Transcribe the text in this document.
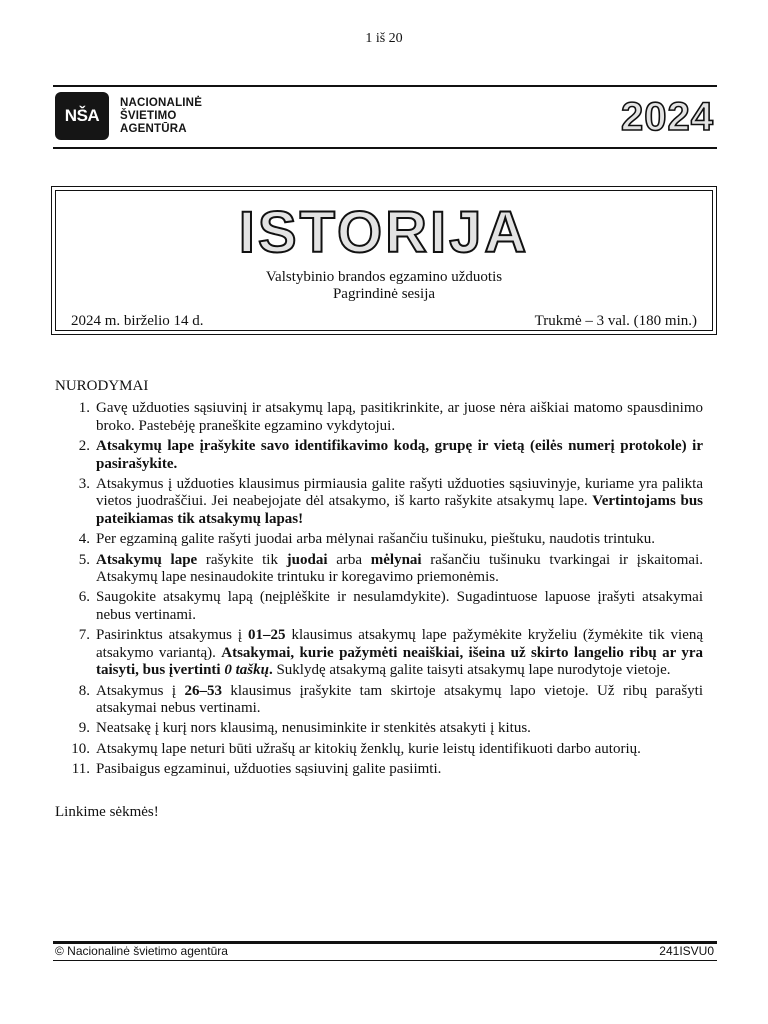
1 iš 20
NŠA
NACIONALINĖ
ŠVIETIMO
AGENTŪRA	2024
ISTORIJA
Valstybinio brandos egzamino užduotis
Pagrindinė sesija
2024 m. birželio 14 d.	Trukmė – 3 val. (180 min.)
NURODYMAI
1. Gavę užduoties sąsiuvinį ir atsakymų lapą, pasitikrinkite, ar juose nėra aiškiai matomo spausdinimo broko. Pastebėję praneškite egzamino vykdytojui.
2. Atsakymų lape įrašykite savo identifikavimo kodą, grupę ir vietą (eilės numerį protokole) ir pasirašykite.
3. Atsakymus į užduoties klausimus pirmiausia galite rašyti užduoties sąsiuvinyje, kuriame yra palikta vietos juodraščiui. Jei neabejojate dėl atsakymo, iš karto rašykite atsakymų lape. Vertintojams bus pateikiamas tik atsakymų lapas!
4. Per egzaminą galite rašyti juodai arba mėlynai rašančiu tušinuku, pieštuku, naudotis trintuku.
5. Atsakymų lape rašykite tik juodai arba mėlynai rašančiu tušinuku tvarkingai ir įskaitomai. Atsakymų lape nesinaudokite trintuku ir koregavimo priemonėmis.
6. Saugokite atsakymų lapą (neįplėškite ir nesulamdykite). Sugadintuose lapuose įrašyti atsakymai nebus vertinami.
7. Pasirinktus atsakymus į 01–25 klausimus atsakymų lape pažymėkite kryželiu (žymėkite tik vieną atsakymo variantą). Atsakymai, kurie pažymėti neaiškiai, išeina už skirto langelio ribų ar yra taisyti, bus įvertinti 0 taškų. Suklydę atsakymą galite taisyti atsakymų lape nurodytoje vietoje.
8. Atsakymus į 26–53 klausimus įrašykite tam skirtoje atsakymų lapo vietoje. Už ribų parašyti atsakymai nebus vertinami.
9. Neatsakę į kurį nors klausimą, nenusiminkite ir stenkitės atsakyti į kitus.
10. Atsakymų lape neturi būti užrašų ar kitokių ženklų, kurie leistų identifikuoti darbo autorių.
11. Pasibaigus egzaminui, užduoties sąsiuvinį galite pasiimti.
Linkime sėkmės!
© Nacionalinė švietimo agentūra	241ISVU0
